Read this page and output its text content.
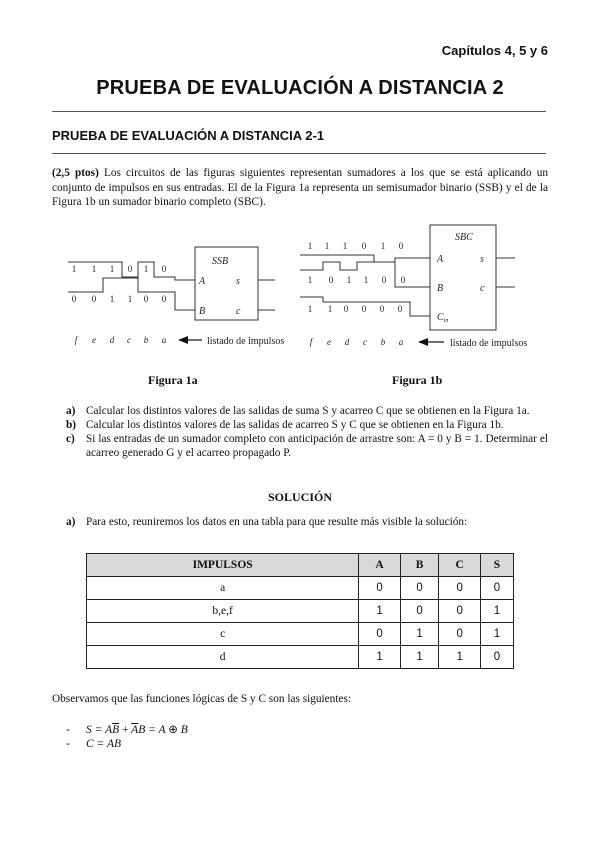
Capítulos 4, 5 y 6
PRUEBA DE EVALUACIÓN A DISTANCIA 2
PRUEBA DE EVALUACIÓN A DISTANCIA 2-1
(2,5 ptos) Los circuitos de las figuras siguientes representan sumadores a los que se está aplicando un conjunto de impulsos en sus entradas. El de la Figura 1a representa un semisumador binario (SSB) y el de la Figura 1b un sumador binario completo (SBC).
1 1 1 0 1 0
0 0 1 1 0 0
f e d c b a
1 1 1 0 1 0
1 0 1 1 0 0
1 1 0 0 0 0
f e d c b a
SSB
A
B
s
c
SBC
A
B
$C_{in}$
s
c
listado de impulsos	listado de impulsos
Figura 1a	Figura 1b
a) Calcular los distintos valores de las salidas de suma S y acarreo C que se obtienen en la Figura 1a.
b) Calcular los distintos valores de las salidas de acarreo S y C que se obtienen en la Figura 1b.
c) Si las entradas de un sumador completo con anticipación de arrastre son: A = 0 y B = 1. Determinar el acarreo generado G y el acarreo propagado P.
SOLUCIÓN
a) Para esto, reuniremos los datos en una tabla para que resulte más visible la solución:
IMPULSOS	A	B	C	S
a	0	0	0	0
b,e,f	1	0	0	1
c	0	1	0	1
d	1	1	1	0
Observamos que las funciones lógicas de S y C son las siguientes:
- $S = A\overline{B} + \overline{A}B = A$ ⊕ B
- C = AB
